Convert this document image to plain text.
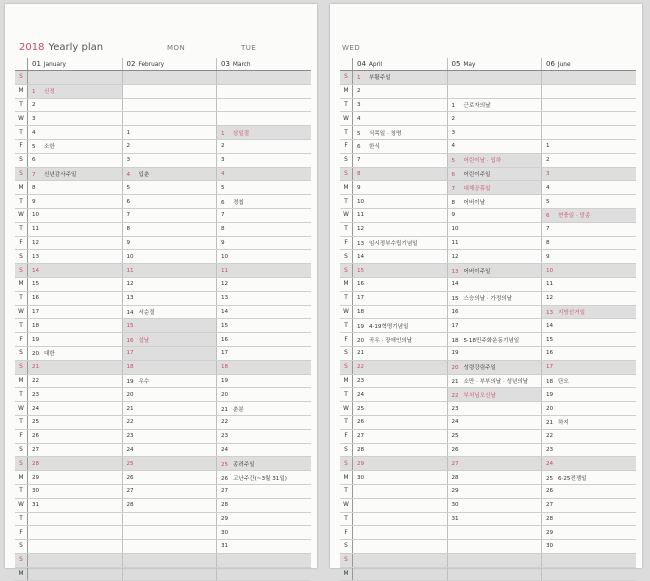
2018 Yearly plan	MON	TUE
	01 January	02 February	03 March
S			
M	1 신정		
T	2		
W	3		
T	4	1	1 삼일절
F	5 소한	2	2
S	6	3	3
S	7 신년감사주일	4 입춘	4
M	8	5	5
T	9	6	6 경칩
W	10	7	7
T	11	8	8
F	12	9	9
S	13	10	10
S	14	11	11
M	15	12	12
T	16	13	13
W	17	14 서순절	14
T	18	15	15
F	19	16 설날	16
S	20 대한	17	17
S	21	18	18
M	22	19 우수	19
T	23	20	20
W	24	21	21 춘분
T	25	22	22
F	26	23	23
S	27	24	24
S	28	25	25 종려주일
M	29	26	26 고난주간(~3월 31일)
T	30	27	27
W	31	28	28
T			29
F			30
S			31
S			
M			
WED
	04 April	05 May	06 June
S	1 부활주일		
M	2		
T	3	1 근로자의날	
W	4	2	
T	5 식목일 · 청명	3	
F	6 한식	4	1
S	7	5 어린이날 · 입하	2
S	8	6 어린이주일	3
M	9	7 대체공휴일	4
T	10	8 어버이날	5
W	11	9	6 현충일 · 망종
T	12	10	7
F	13 임시정부수립기념일	11	8
S	14	12	9
S	15	13 어버이주일	10
M	16	14	11
T	17	15 스승의날 · 가정의날	12
W	18	16	13 지방선거일
T	19 4·19혁명기념일	17	14
F	20 곡우 · 장애인의날	18 5·18민주화운동기념일	15
S	21	19	16
S	22	20 성령강림주일	17
M	23	21 소만 · 부부의날 · 성년의날	18 단오
T	24	22 부처님오신날	19
W	25	23	20
T	26	24	21 하지
F	27	25	22
S	28	26	23
S	29	27	24
M	30	28	25 6·25전쟁일
T		29	26
W		30	27
T		31	28
F			29
S			30
S			
M			
